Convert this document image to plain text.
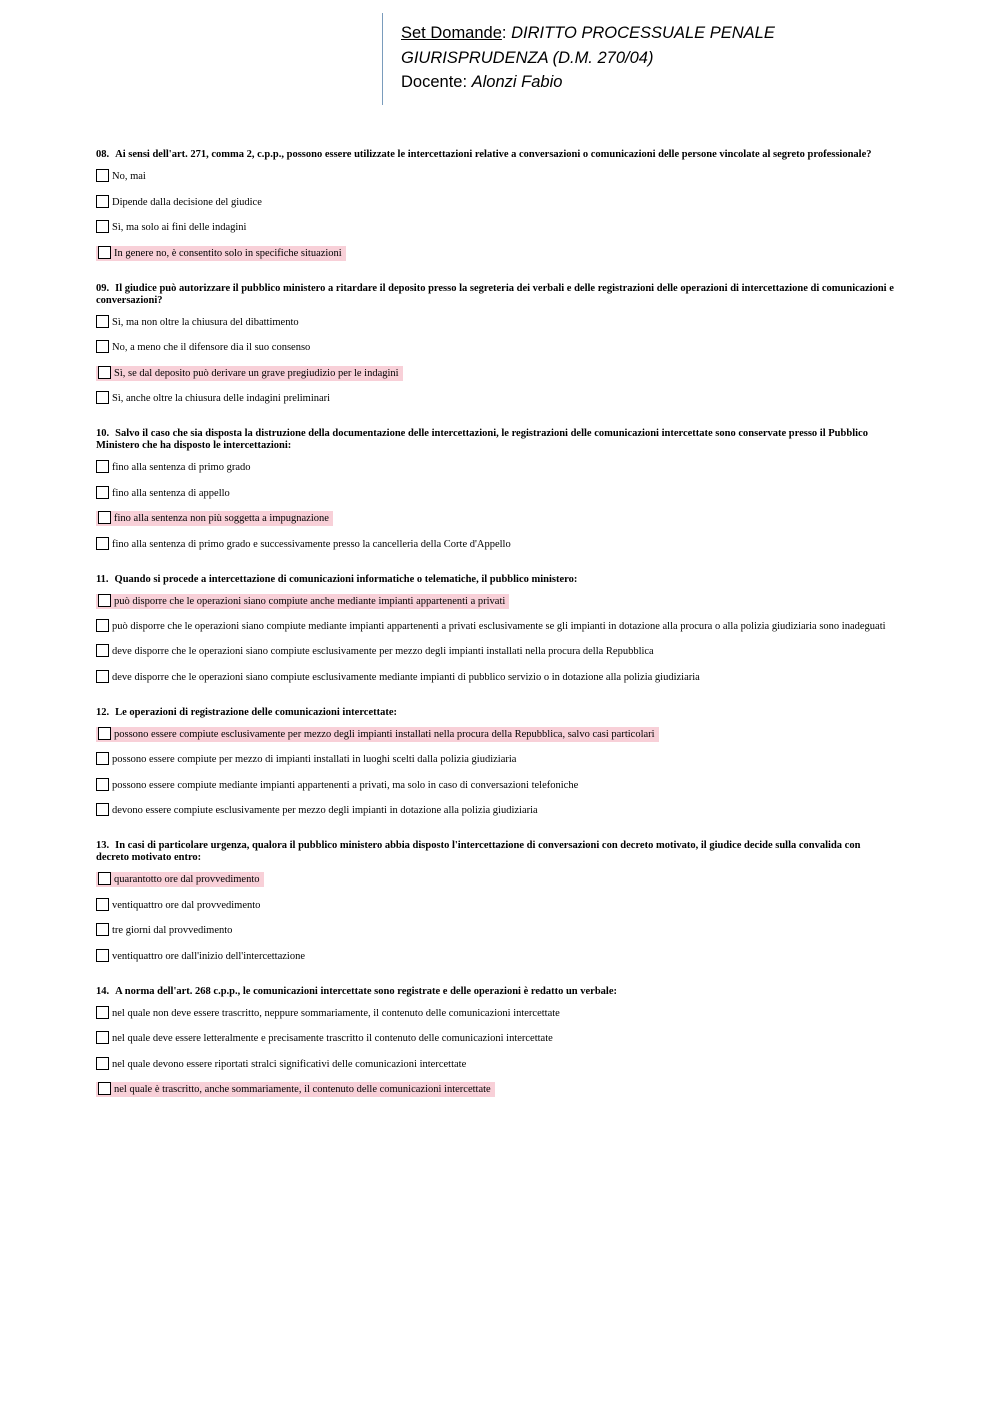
Set Domande: DIRITTO PROCESSUALE PENALE
GIURISPRUDENZA (D.M. 270/04)
Docente: Alonzi Fabio
08. Ai sensi dell'art. 271, comma 2, c.p.p., possono essere utilizzate le intercettazioni relative a conversazioni o comunicazioni delle persone vincolate al segreto professionale?
No, mai
Dipende dalla decisione del giudice
Sì, ma solo ai fini delle indagini
In genere no, è consentito solo in specifiche situazioni
09. Il giudice può autorizzare il pubblico ministero a ritardare il deposito presso la segreteria dei verbali e delle registrazioni delle operazioni di intercettazione di comunicazioni e conversazioni?
Sì, ma non oltre la chiusura del dibattimento
No, a meno che il difensore dia il suo consenso
Sì, se dal deposito può derivare un grave pregiudizio per le indagini
Sì, anche oltre la chiusura delle indagini preliminari
10. Salvo il caso che sia disposta la distruzione della documentazione delle intercettazioni, le registrazioni delle comunicazioni intercettate sono conservate presso il Pubblico Ministero che ha disposto le intercettazioni:
fino alla sentenza di primo grado
fino alla sentenza di appello
fino alla sentenza non più soggetta a impugnazione
fino alla sentenza di primo grado e successivamente presso la cancelleria della Corte d'Appello
11. Quando si procede a intercettazione di comunicazioni informatiche o telematiche, il pubblico ministero:
può disporre che le operazioni siano compiute anche mediante impianti appartenenti a privati
può disporre che le operazioni siano compiute mediante impianti appartenenti a privati esclusivamente se gli impianti in dotazione alla procura o alla polizia giudiziaria sono inadeguati
deve disporre che le operazioni siano compiute esclusivamente per mezzo degli impianti installati nella procura della Repubblica
deve disporre che le operazioni siano compiute esclusivamente mediante impianti di pubblico servizio o in dotazione alla polizia giudiziaria
12. Le operazioni di registrazione delle comunicazioni intercettate:
possono essere compiute esclusivamente per mezzo degli impianti installati nella procura della Repubblica, salvo casi particolari
possono essere compiute per mezzo di impianti installati in luoghi scelti dalla polizia giudiziaria
possono essere compiute mediante impianti appartenenti a privati, ma solo in caso di conversazioni telefoniche
devono essere compiute esclusivamente per mezzo degli impianti in dotazione alla polizia giudiziaria
13. In casi di particolare urgenza, qualora il pubblico ministero abbia disposto l'intercettazione di conversazioni con decreto motivato, il giudice decide sulla convalida con decreto motivato entro:
quarantotto ore dal provvedimento
ventiquattro ore dal provvedimento
tre giorni dal provvedimento
ventiquattro ore dall'inizio dell'intercettazione
14. A norma dell'art. 268 c.p.p., le comunicazioni intercettate sono registrate e delle operazioni è redatto un verbale:
nel quale non deve essere trascritto, neppure sommariamente, il contenuto delle comunicazioni intercettate
nel quale deve essere letteralmente e precisamente trascritto il contenuto delle comunicazioni intercettate
nel quale devono essere riportati stralci significativi delle comunicazioni intercettate
nel quale è trascritto, anche sommariamente, il contenuto delle comunicazioni intercettate
